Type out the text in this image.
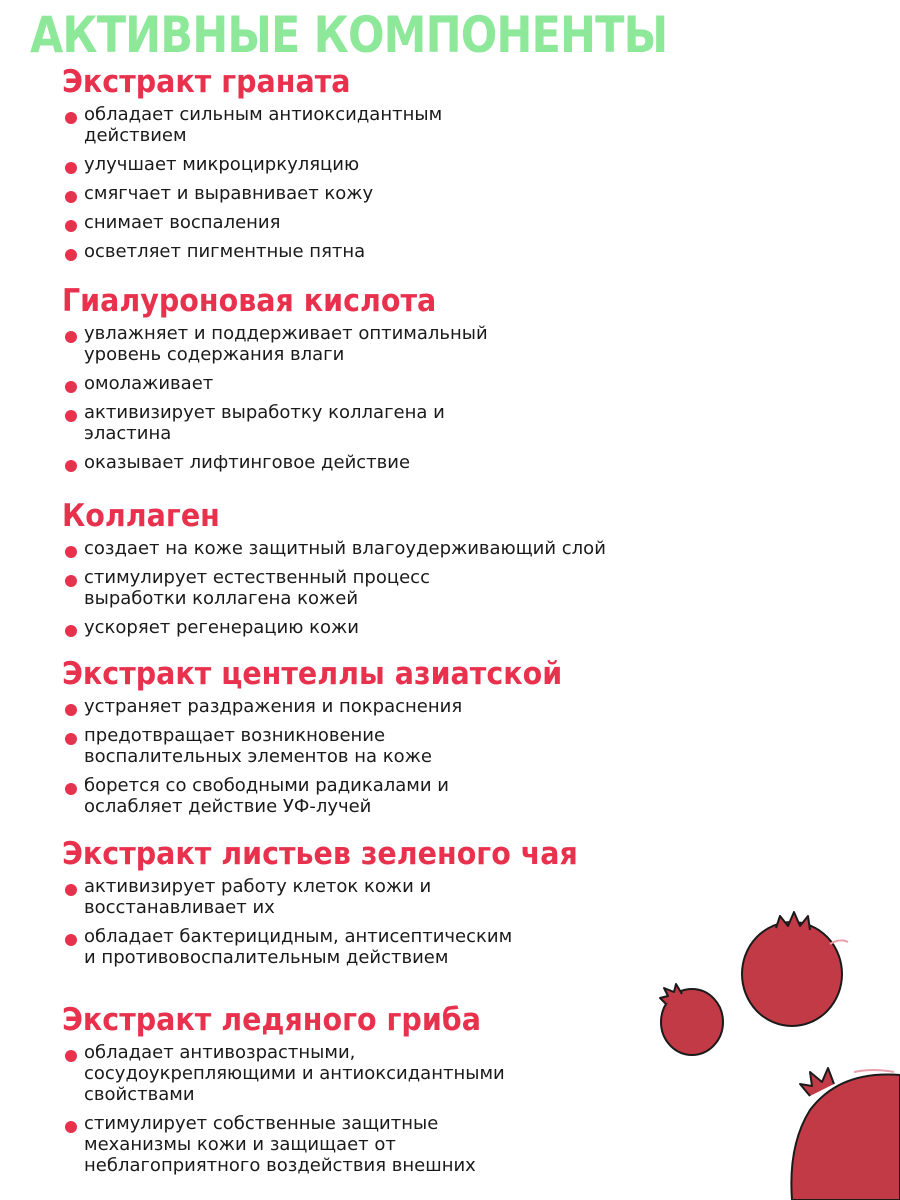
АКТИВНЫЕ КОМПОНЕНТЫ
Экстракт граната
обладает сильным антиоксидантным действием
улучшает микроциркуляцию
смягчает и выравнивает кожу
снимает воспаления
осветляет пигментные пятна
Гиалуроновая кислота
увлажняет и поддерживает оптимальный уровень содержания влаги
омолаживает
активизирует выработку коллагена и эластина
оказывает лифтинговое действие
Коллаген
создает на коже защитный влагоудерживающий слой
стимулирует естественный процесс выработки коллагена кожей
ускоряет регенерацию кожи
Экстракт центеллы азиатской
устраняет раздражения и покраснения
предотвращает возникновение воспалительных элементов на коже
борется со свободными радикалами и ослабляет действие УФ-лучей
Экстракт листьев зеленого чая
активизирует работу клеток кожи и восстанавливает их
обладает бактерицидным, антисептическим и противовоспалительным действием
Экстракт ледяного гриба
обладает антивозрастными, сосудоукрепляющими и антиоксидантными свойствами
стимулирует собственные защитные механизмы кожи и защищает от неблагоприятного воздействия внешних
